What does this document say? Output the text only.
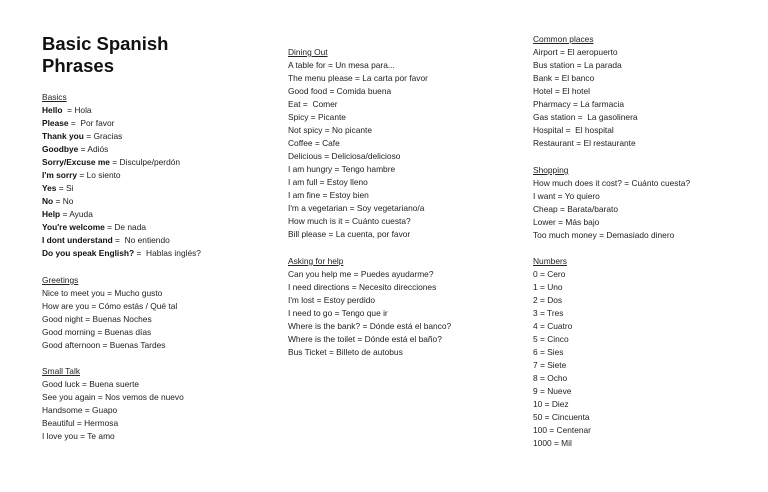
Basic Spanish Phrases
Basics
Hello  = Hola
Please =  Por favor
Thank you = Gracias
Goodbye = Adiós
Sorry/Excuse me = Disculpe/perdón
I'm sorry = Lo siento
Yes = Si
No = No
Help = Ayuda
You're welcome = De nada
I dont understand =  No entiendo
Do you speak English? =  Hablas inglés?
Greetings
Nice to meet you = Mucho gusto
How are you = Cómo estás / Qué tal
Good night = Buenas Noches
Good morning = Buenas días
Good afternoon = Buenas Tardes
Small Talk
Good luck = Buena suerte
See you again = Nos vemos de nuevo
Handsome = Guapo
Beautiful = Hermosa
I love you = Te amo
Dining Out
A table for = Un mesa para...
The menu please = La carta por favor
Good food = Comida buena
Eat =  Comer
Spicy = Picante
Not spicy = No picante
Coffee = Cafe
Delicious = Deliciosa/delicioso
I am hungry = Tengo hambre
I am full = Estoy lleno
I am fine = Estoy bien
I'm a vegetarian = Soy vegetariano/a
How much is it = Cuánto cuesta?
Bill please = La cuenta, por favor
Asking for help
Can you help me = Puedes ayudarme?
I need directions = Necesito direcciones
I'm lost = Estoy perdido
I need to go = Tengo que ir
Where is the bank? = Dónde está el banco?
Where is the toilet = Dónde está el baño?
Bus Ticket = Billeto de autobus
Common places
Airport = El aeropuerto
Bus station = La parada
Bank = El banco
Hotel = El hotel
Pharmacy = La farmacia
Gas station =  La gasolinera
Hospital =  El hospital
Restaurant = El restaurante
Shopping
How much does it cost? = Cuánto cuesta?
I want = Yo quiero
Cheap = Barata/barato
Lower = Más bajo
Too much money = Demasiado dinero
Numbers
0 = Cero
1 = Uno
2 = Dos
3 = Tres
4 = Cuatro
5 = Cinco
6 = Sies
7 = Siete
8 = Ocho
9 = Nueve
10 = Diez
50 = Cincuenta
100 = Centenar
1000 = Mil
